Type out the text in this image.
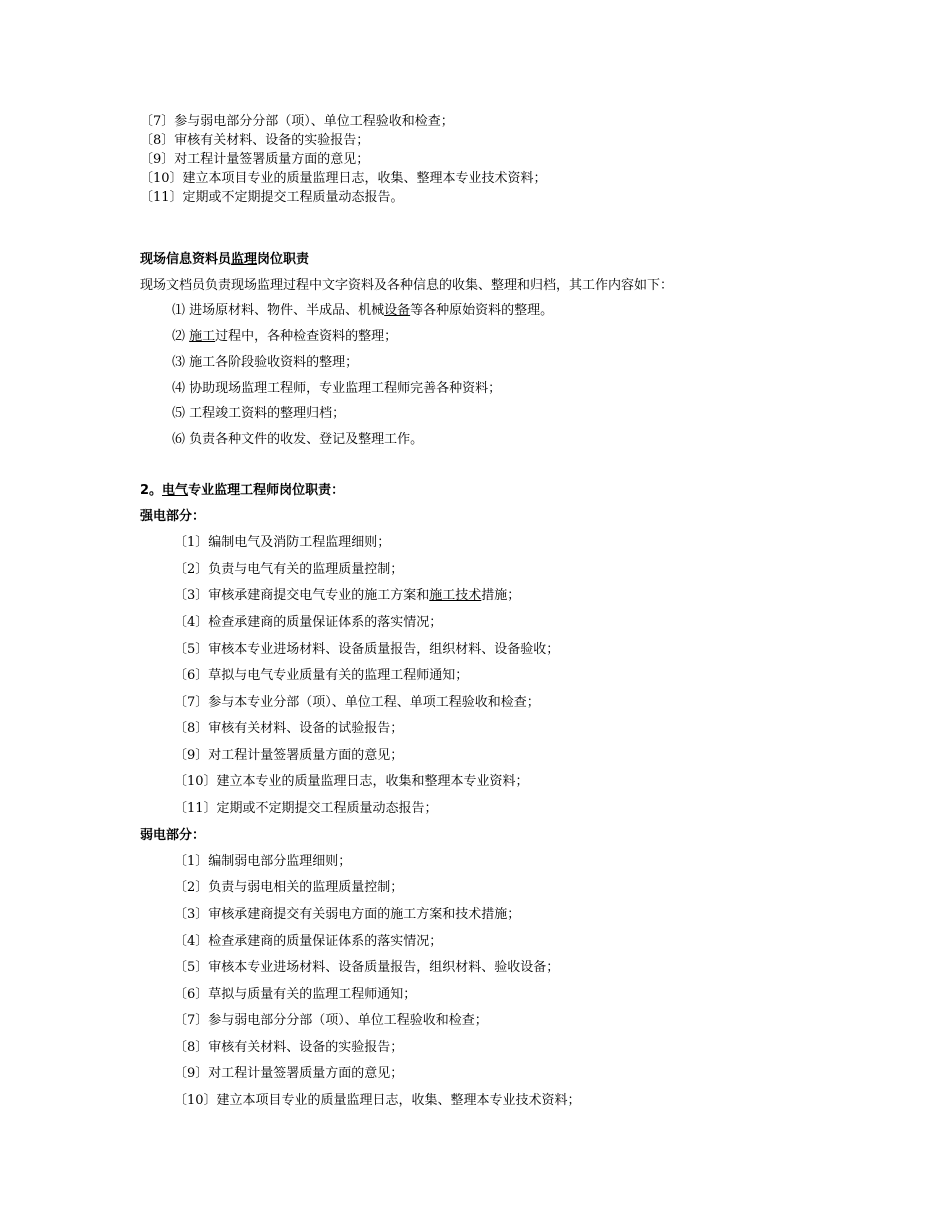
〔7〕参与弱电部分分部（项）、单位工程验收和检查；
〔8〕审核有关材料、设备的实验报告；
〔9〕对工程计量签署质量方面的意见；
〔10〕建立本项目专业的质量监理日志，收集、整理本专业技术资料；
〔11〕定期或不定期提交工程质量动态报告。
现场信息资料员监理岗位职责
现场文档员负责现场监理过程中文字资料及各种信息的收集、整理和归档，其工作内容如下：
⑴ 进场原材料、物件、半成品、机械设备等各种原始资料的整理。
⑵ 施工过程中，各种检查资料的整理；
⑶ 施工各阶段验收资料的整理；
⑷ 协助现场监理工程师，专业监理工程师完善各种资料；
⑸ 工程竣工资料的整理归档；
⑹ 负责各种文件的收发、登记及整理工作。
2。电气专业监理工程师岗位职责：
强电部分：
〔1〕编制电气及消防工程监理细则；
〔2〕负责与电气有关的监理质量控制；
〔3〕审核承建商提交电气专业的施工方案和施工技术措施；
〔4〕检查承建商的质量保证体系的落实情况；
〔5〕审核本专业进场材料、设备质量报告，组织材料、设备验收；
〔6〕草拟与电气专业质量有关的监理工程师通知；
〔7〕参与本专业分部（项）、单位工程、单项工程验收和检查；
〔8〕审核有关材料、设备的试验报告；
〔9〕对工程计量签署质量方面的意见；
〔10〕建立本专业的质量监理日志，收集和整理本专业资料；
〔11〕定期或不定期提交工程质量动态报告；
弱电部分：
〔1〕编制弱电部分监理细则；
〔2〕负责与弱电相关的监理质量控制；
〔3〕审核承建商提交有关弱电方面的施工方案和技术措施；
〔4〕检查承建商的质量保证体系的落实情况；
〔5〕审核本专业进场材料、设备质量报告，组织材料、验收设备；
〔6〕草拟与质量有关的监理工程师通知；
〔7〕参与弱电部分分部（项）、单位工程验收和检查；
〔8〕审核有关材料、设备的实验报告；
〔9〕对工程计量签署质量方面的意见；
〔10〕建立本项目专业的质量监理日志，收集、整理本专业技术资料；
